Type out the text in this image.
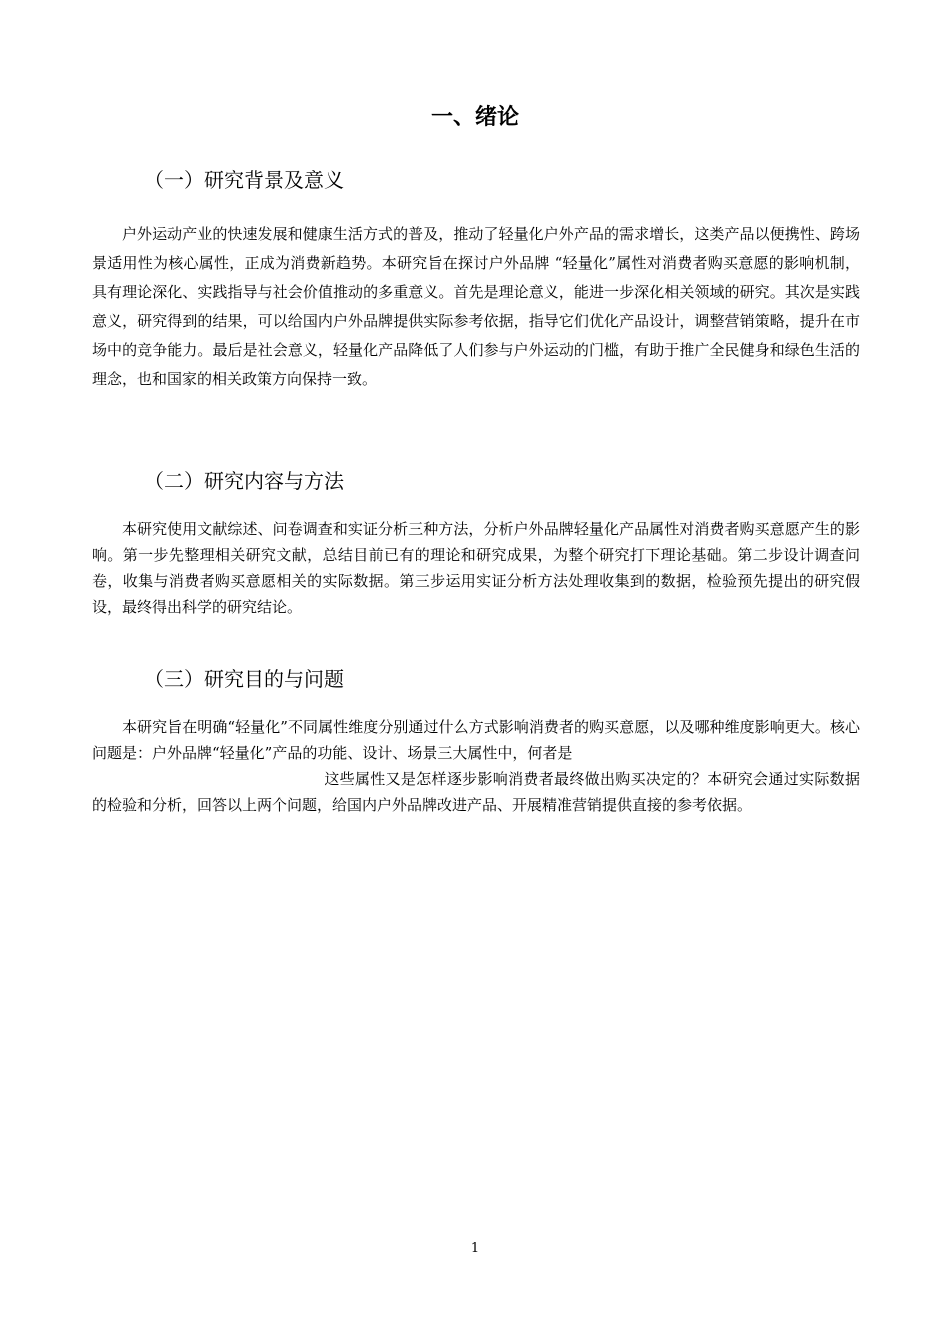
一、绪论
（一）研究背景及意义

户外运动产业的快速发展和健康生活方式的普及，推动了轻量化户外产品的需求增长，这类产品以便携性、跨场景适用性为核心属性，正成为消费新趋势。本研究旨在探讨户外品牌 “轻量化”属性对消费者购买意愿的影响机制，具有理论深化、实践指导与社会价值推动的多重意义。首先是理论意义，能进一步深化相关领域的研究。其次是实践意义，研究得到的结果，可以给国内户外品牌提供实际参考依据，指导它们优化产品设计，调整营销策略，提升在市场中的竞争能力。最后是社会意义，轻量化产品降低了人们参与户外运动的门槛，有助于推广全民健身和绿色生活的理念，也和国家的相关政策方向保持一致。

（二）研究内容与方法

本研究使用文献综述、问卷调查和实证分析三种方法，分析户外品牌轻量化产品属性对消费者购买意愿产生的影响。第一步先整理相关研究文献，总结目前已有的理论和研究成果，为整个研究打下理论基础。第二步设计调查问卷，收集与消费者购买意愿相关的实际数据。第三步运用实证分析方法处理收集到的数据，检验预先提出的研究假设，最终得出科学的研究结论。

（三）研究目的与问题

本研究旨在明确“轻量化”不同属性维度分别通过什么方式影响消费者的购买意愿，以及哪种维度影响更大。核心问题是：户外品牌“轻量化”产品的功能、设计、场景三大属性中，何者是
这些属性又是怎样逐步影响消费者最终做出购买决定的？本研究会通过实际数据的检验和分析，回答以上两个问题，给国内户外品牌改进产品、开展精准营销提供直接的参考依据。

1
